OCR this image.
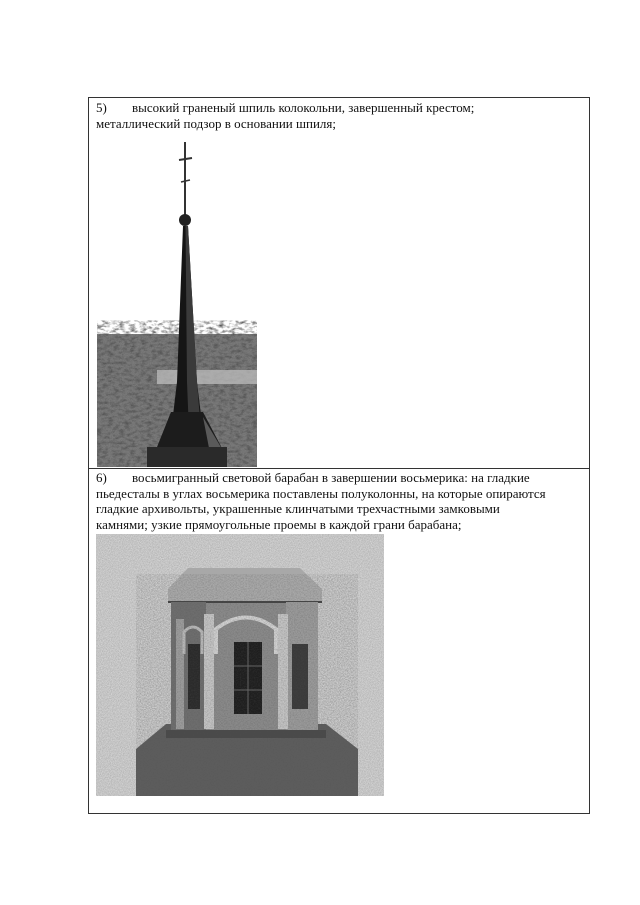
5) высокий граненый шпиль колокольни, завершенный крестом;
металлический подзор в основании шпиля;

6) восьмигранный световой барабан в завершении восьмерика: на гладкие
пьедесталы в углах восьмерика поставлены полуколонны, на которые опираются
гладкие архивольты, украшенные клинчатыми трехчастными замковыми
камнями; узкие прямоугольные проемы в каждой грани барабана;
